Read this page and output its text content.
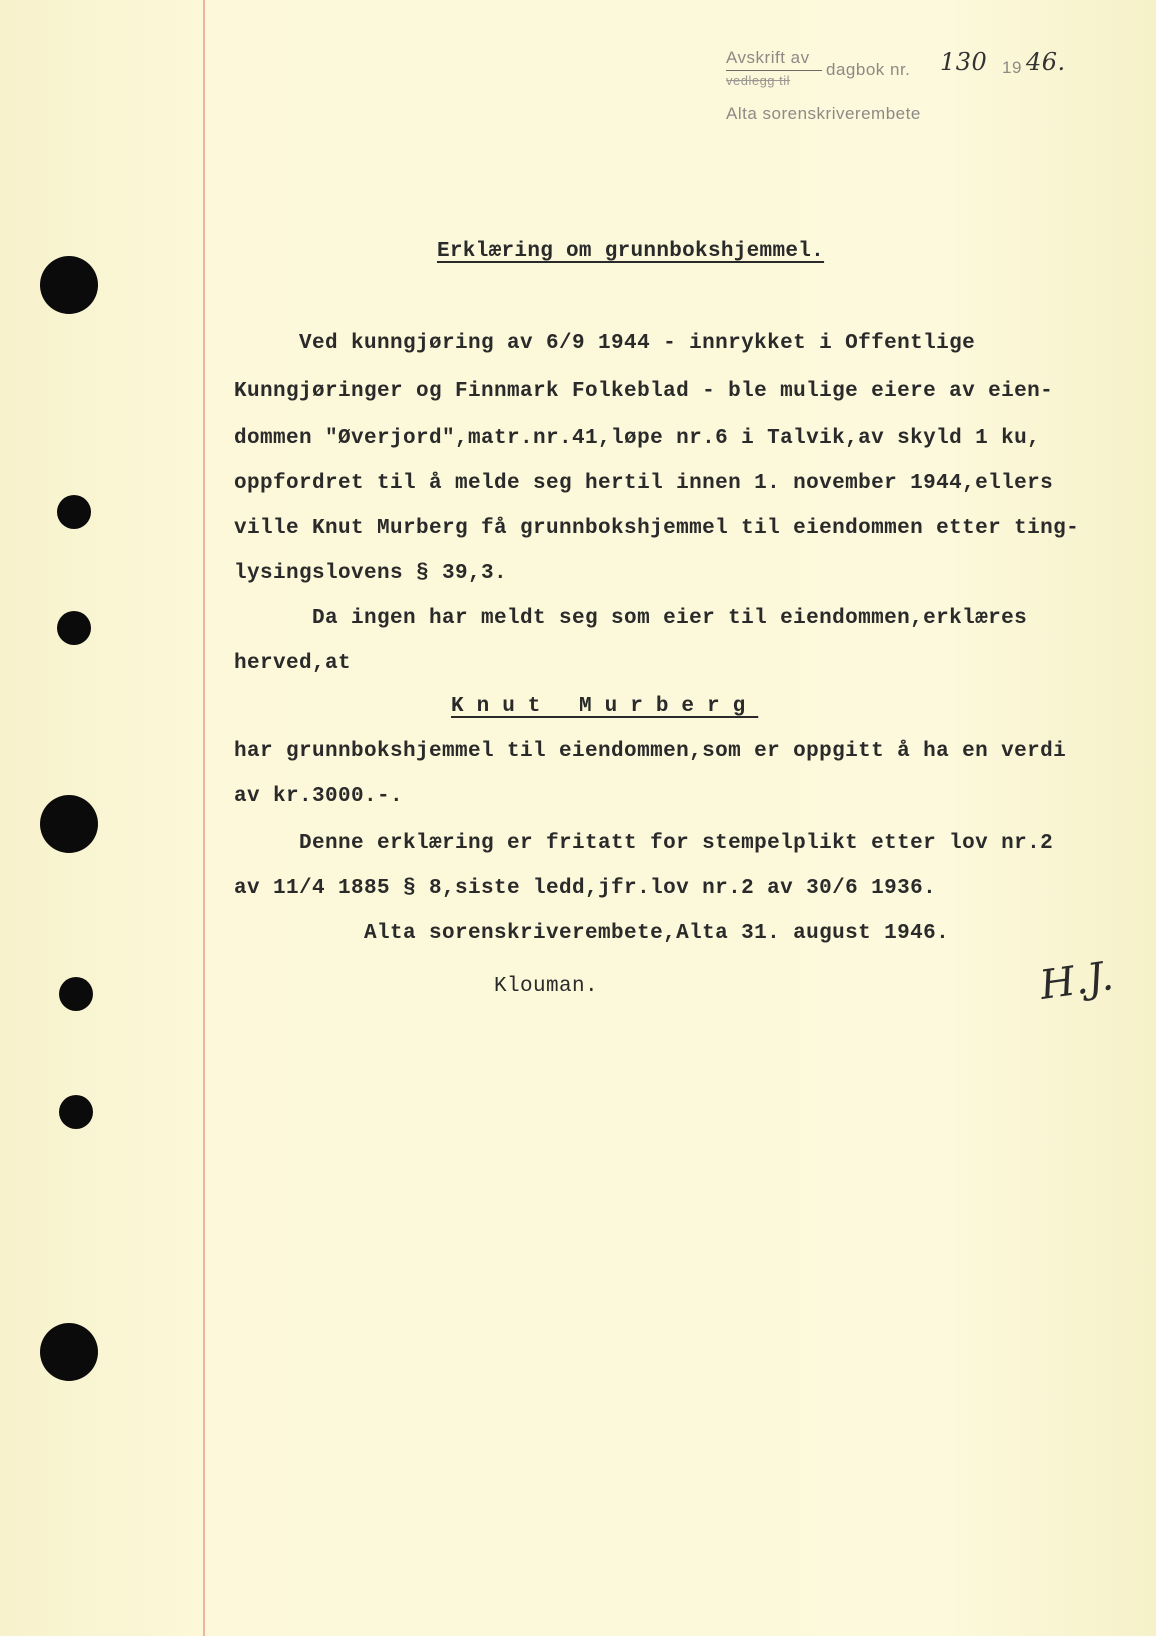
Avskrift av
vedlegg til
dagbok nr. 130 19 46.
Alta sorenskriverembete
Erklæring om grunnbokshjemmel.
Ved kunngjøring av 6/9 1944 - innrykket i Offentlige
Kunngjøringer og Finnmark Folkeblad - ble mulige eiere av eien-
dommen "Øverjord",matr.nr.41,løpe nr.6 i Talvik,av skyld 1 ku,
oppfordret til å melde seg hertil innen 1. november 1944,ellers
ville Knut Murberg få grunnbokshjemmel til eiendommen etter ting-
lysingslovens § 39,3.
Da ingen har meldt seg som eier til eiendommen,erklæres
herved,at
Knut Murberg
har grunnbokshjemmel til eiendommen,som er oppgitt å ha en verdi
av kr.3000.-.
Denne erklæring er fritatt for stempelplikt etter lov nr.2
av 11/4 1885 § 8,siste ledd,jfr.lov nr.2 av 30/6 1936.
Alta sorenskriverembete,Alta 31. august 1946.
Klouman.	H.J.
